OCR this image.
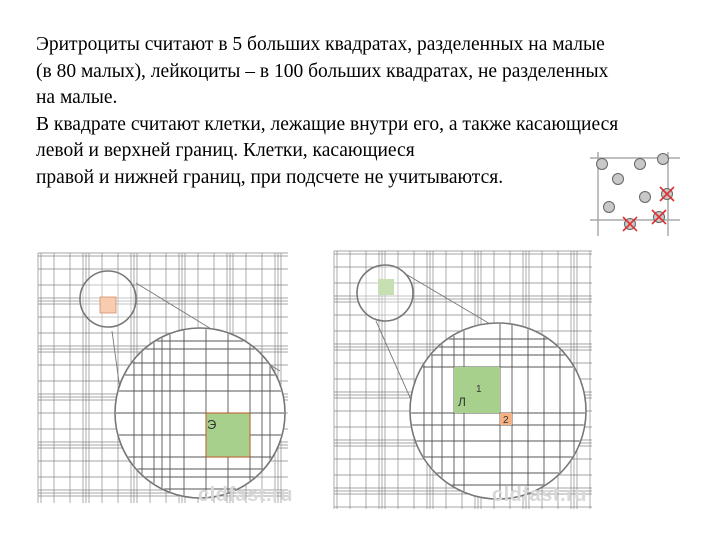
Эритроциты считают в 5 больших квадратах, разделенных на малые

(в 80 малых), лейкоциты – в 100 больших квадратах, не разделенных

на малые.

В квадрате считают клетки, лежащие внутри его, а также касающиеся

левой и верхней границ. Клетки, касающиеся

правой и нижней границ, при подсчете не учитываются.

Э
Л
1
2
cldfast.ru	cldfast.ru
